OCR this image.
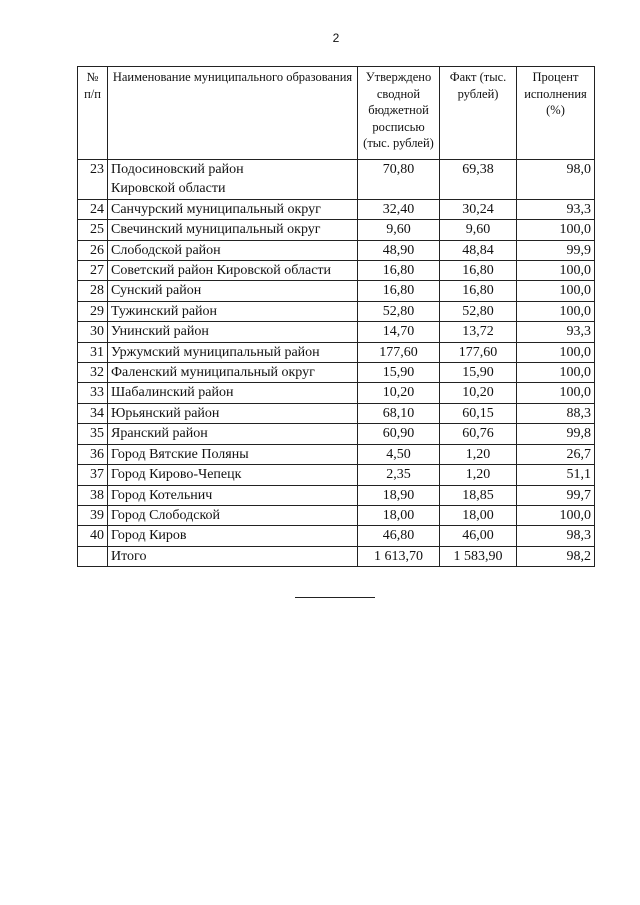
2
№ п/п	Наименование муниципального образования	Утверждено сводной бюджетной росписью (тыс. рублей)	Факт (тыс. рублей)	Процент исполнения (%)
23	Подосиновский район Кировской области	70,80	69,38	98,0
24	Санчурский муниципальный округ	32,40	30,24	93,3
25	Свечинский муниципальный округ	9,60	9,60	100,0
26	Слободской район	48,90	48,84	99,9
27	Советский район Кировской области	16,80	16,80	100,0
28	Сунский район	16,80	16,80	100,0
29	Тужинский район	52,80	52,80	100,0
30	Унинский район	14,70	13,72	93,3
31	Уржумский муниципальный район	177,60	177,60	100,0
32	Фаленский муниципальный округ	15,90	15,90	100,0
33	Шабалинский район	10,20	10,20	100,0
34	Юрьянский район	68,10	60,15	88,3
35	Яранский район	60,90	60,76	99,8
36	Город Вятские Поляны	4,50	1,20	26,7
37	Город Кирово-Чепецк	2,35	1,20	51,1
38	Город Котельнич	18,90	18,85	99,7
39	Город Слободской	18,00	18,00	100,0
40	Город Киров	46,80	46,00	98,3
	Итого	1 613,70	1 583,90	98,2
